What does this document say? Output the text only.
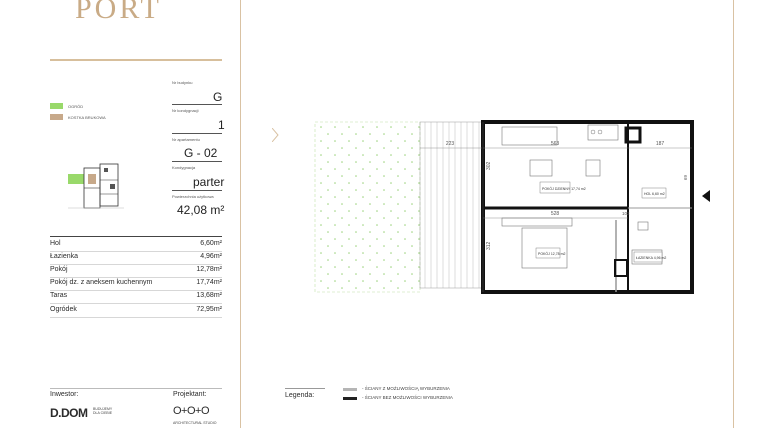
PORT
Nr budynku
G
Nr kondygnacji
1
Nr apartamentu
G - 02
Kondygnacja
parter
Powierzchnia użytkowa
42,08 m²
OGRÓD
KOSTKA BRUKOWA
Hol	6,60m²
Łazienka	4,96m²
Pokój	12,78m²
Pokój dz. z aneksem kuchennym	17,74m²
Taras	13,68m²
Ogródek	72,95m²
Inwestor:	Projektant:
D.DOM BUDUJEMY DLA CIEBIE	O+O+O
ARCHITECTURAL STUDIO
223	563	187
528
302
312
69
102
POKÓJ DZIENNY 17,74 m2
HOL 6,60 m2
POKÓJ 12,78 m2
ŁAZIENKA 4,96 m2
Legenda:
- ŚCIANY Z MOŻLIWOŚCIĄ WYBURZENIA
- ŚCIANY BEZ MOŻLIWOŚCI WYBURZENIA
